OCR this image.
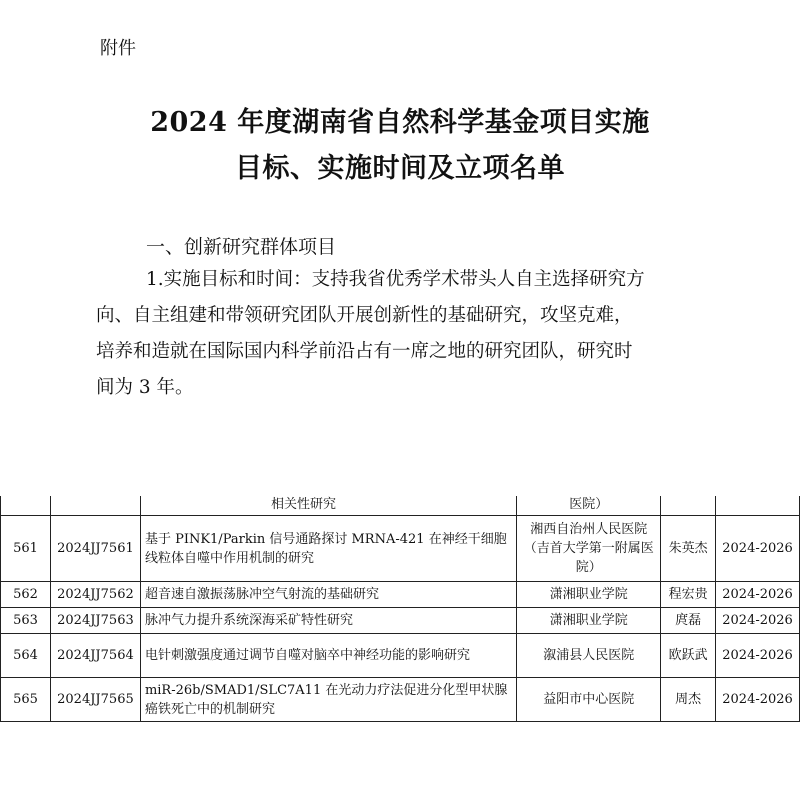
附件
2024 年度湖南省自然科学基金项目实施
目标、实施时间及立项名单
一、创新研究群体项目
1.实施目标和时间：支持我省优秀学术带头人自主选择研究方
向、自主组建和带领研究团队开展创新性的基础研究，攻坚克难，
培养和造就在国际国内科学前沿占有一席之地的研究团队，研究时
间为 3 年。
		相关性研究	医院）		
561	2024JJ7561	基于 PINK1/Parkin 信号通路探讨 MRNA-421 在神经干细胞线粒体自噬中作用机制的研究	湘西自治州人民医院（吉首大学第一附属医院）	朱英杰	2024-2026
562	2024JJ7562	超音速自激振荡脉冲空气射流的基础研究	潇湘职业学院	程宏贵	2024-2026
563	2024JJ7563	脉冲气力提升系统深海采矿特性研究	潇湘职业学院	庹磊	2024-2026
564	2024JJ7564	电针刺激强度通过调节自噬对脑卒中神经功能的影响研究	溆浦县人民医院	欧跃武	2024-2026
565	2024JJ7565	miR-26b/SMAD1/SLC7A11 在光动力疗法促进分化型甲状腺癌铁死亡中的机制研究	益阳市中心医院	周杰	2024-2026
